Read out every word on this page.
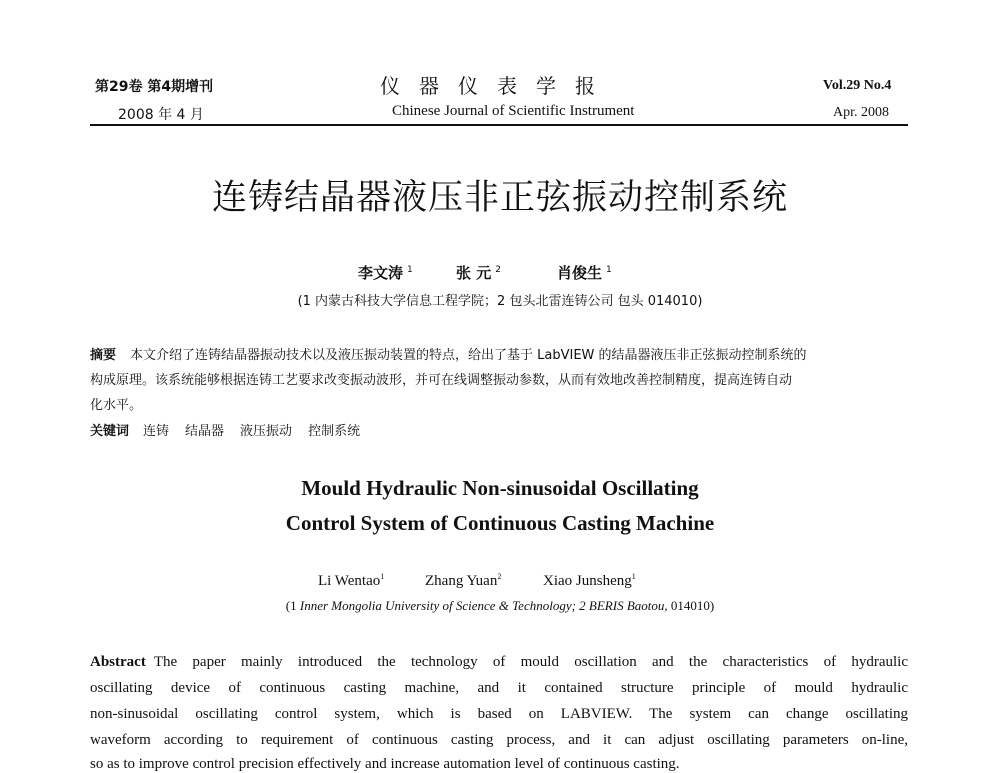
第29卷 第4期增刊
2008 年 4 月
仪器仪表学报
Chinese Journal of Scientific Instrument
Vol.29 No.4
Apr. 2008
连铸结晶器液压非正弦振动控制系统
李文涛 $^1$	张 元 $^2$	肖俊生 $^1$
(1 内蒙古科技大学信息工程学院；2 包头北雷连铸公司 包头 014010)
摘要 本文介绍了连铸结晶器振动技术以及液压振动装置的特点，给出了基于 LabVIEW 的结晶器液压非正弦振动控制系统的
构成原理。该系统能够根据连铸工艺要求改变振动波形，并可在线调整振动参数，从而有效地改善控制精度，提高连铸自动
化水平。
关键词 连铸 结晶器 液压振动 控制系统
Mould Hydraulic Non-sinusoidal Oscillating
Control System of Continuous Casting Machine
Li Wentao$^1$	Zhang Yuan$^2$	Xiao Junsheng$^1$
(1 Inner Mongolia University of Science & Technology; 2 BERIS Baotou, 014010)
Abstract The paper mainly introduced the technology of mould oscillation and the characteristics of hydraulic
oscillating device of continuous casting machine, and it contained structure principle of mould hydraulic
non-sinusoidal oscillating control system, which is based on LABVIEW. The system can change oscillating
waveform according to requirement of continuous casting process, and it can adjust oscillating parameters on-line,
so as to improve control precision effectively and increase automation level of continuous casting.
